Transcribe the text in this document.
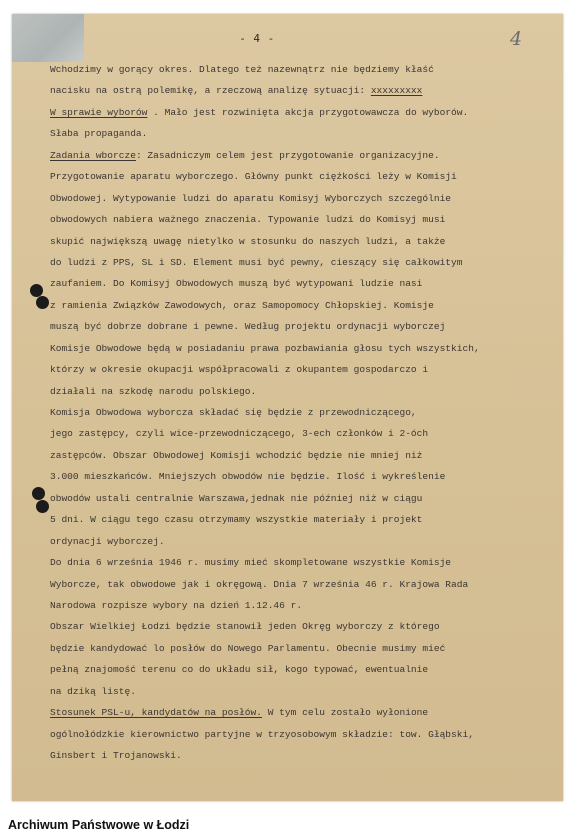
- 4 -	4
Wchodzimy w gorący okres. Dlatego też nazewnątrz nie będziemy kłaść
nacisku na ostrą polemikę, a rzeczową analizę sytuacji: xxxxxxxxx
W sprawie wyborów . Mało jest rozwinięta akcja przygotowawcza do wyborów.
Słaba propaganda.
Zadania wborcze: Zasadniczym celem jest przygotowanie organizacyjne.
Przygotowanie aparatu wyborczego. Główny punkt ciężkości leży w Komisji
Obwodowej. Wytypowanie ludzi do aparatu Komisyj Wyborczych szczególnie
obwodowych nabiera ważnego znaczenia. Typowanie ludzi do Komisyj musi
skupić największą uwagę nietylko w stosunku do naszych ludzi, a także
do ludzi z PPS, SL i SD. Element musi być pewny, cieszący się całkowitym
zaufaniem. Do Komisyj Obwodowych muszą być wytypowani ludzie nasi
z ramienia Związków Zawodowych, oraz Samopomocy Chłopskiej. Komisje
muszą być dobrze dobrane i pewne. Według projektu ordynacji wyborczej
Komisje Obwodowe będą w posiadaniu prawa pozbawiania głosu tych wszystkich,
którzy w okresie okupacji współpracowali z okupantem gospodarczo i
działali na szkodę narodu polskiego.
Komisja Obwodowa wyborcza składać się będzie z przewodniczącego,
jego zastępcy, czyli wice-przewodniczącego, 3-ech członków i 2-óch
zastępców. Obszar Obwodowej Komisji wchodzić będzie nie mniej niż
3.000 mieszkańców. Mniejszych obwodów nie będzie. Ilość i wykreślenie
obwodów ustali centralnie Warszawa,jednak nie później niż w ciągu
5 dni. W ciągu tego czasu otrzymamy wszystkie materiały i projekt
ordynacji wyborczej.
Do dnia 6 września 1946 r. musimy mieć skompletowane wszystkie Komisje
Wyborcze, tak obwodowe jak i okręgową. Dnia 7 września 46 r. Krajowa Rada
Narodowa rozpisze wybory na dzień 1.12.46 r.
Obszar Wielkiej Łodzi będzie stanowił jeden Okręg wyborczy z którego
będzie kandydować lo posłów do Nowego Parlamentu. Obecnie musimy mieć
pełną znajomość terenu co do układu sił, kogo typować, ewentualnie
na dziką listę.
Stosunek PSL-u, kandydatów na posłów. W tym celu zostało wyłonione
ogólnołódzkie kierownictwo partyjne w trzyosobowym składzie: tow. Głąbski,
Ginsbert i Trojanowski.
Archiwum Państwowe w Łodzi
